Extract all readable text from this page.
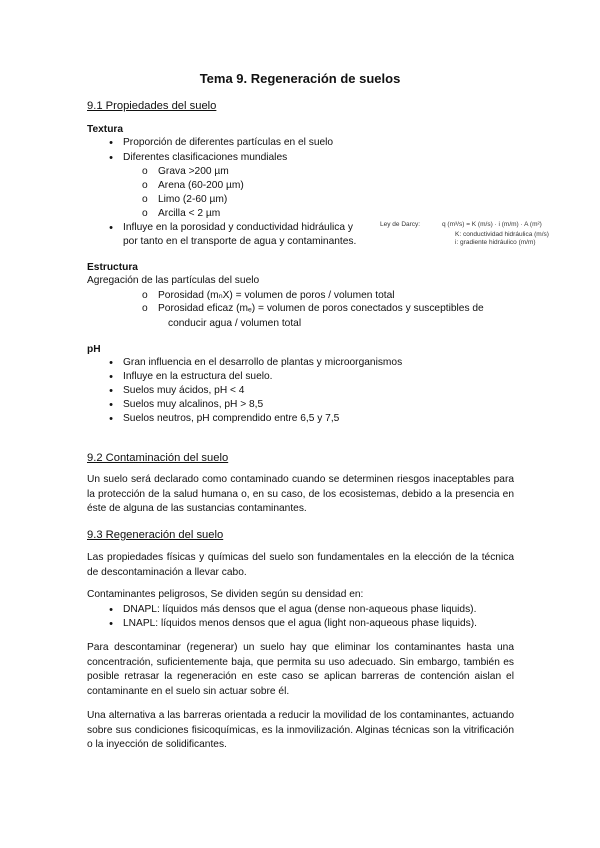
Tema 9. Regeneración de suelos
9.1 Propiedades del suelo
Textura
• Proporción de diferentes partículas en el suelo
• Diferentes clasificaciones mundiales
o Grava >200 µm
o Arena (60-200 µm)
o Limo (2-60 µm)
o Arcilla < 2 µm
• Influye en la porosidad y conductividad hidráulica y
por tanto en el transporte de agua y contaminantes.
Ley de Darcy:	q (m³/s) = K (m/s) · i (m/m) · A (m²)
K: conductividad hidráulica (m/s)
i: gradiente hidráulico (m/m)
Estructura
Agregación de las partículas del suelo
o Porosidad (mₙX) = volumen de poros / volumen total
o Porosidad eficaz (mₑ) = volumen de poros conectados y susceptibles de
conducir agua / volumen total
pH
• Gran influencia en el desarrollo de plantas y microorganismos
• Influye en la estructura del suelo.
• Suelos muy ácidos, pH < 4
• Suelos muy alcalinos, pH > 8,5
• Suelos neutros, pH comprendido entre 6,5 y 7,5
9.2 Contaminación del suelo
Un suelo será declarado como contaminado cuando se determinen riesgos inaceptables para la protección de la salud humana o, en su caso, de los ecosistemas, debido a la presencia en éste de alguna de las sustancias contaminantes.
9.3 Regeneración del suelo
Las propiedades físicas y químicas del suelo son fundamentales en la elección de la técnica de descontaminación a llevar cabo.
Contaminantes peligrosos, Se dividen según su densidad en:
• DNAPL: líquidos más densos que el agua (dense non-aqueous phase liquids).
• LNAPL: líquidos menos densos que el agua (light non-aqueous phase liquids).
Para descontaminar (regenerar) un suelo hay que eliminar los contaminantes hasta una concentración, suficientemente baja, que permita su uso adecuado. Sin embargo, también es posible retrasar la regeneración en este caso se aplican barreras de contención aislan el contaminante en el suelo sin actuar sobre él.
Una alternativa a las barreras orientada a reducir la movilidad de los contaminantes, actuando sobre sus condiciones fisicoquímicas, es la inmovilización. Alginas técnicas son la vitrificación o la inyección de solidificantes.
